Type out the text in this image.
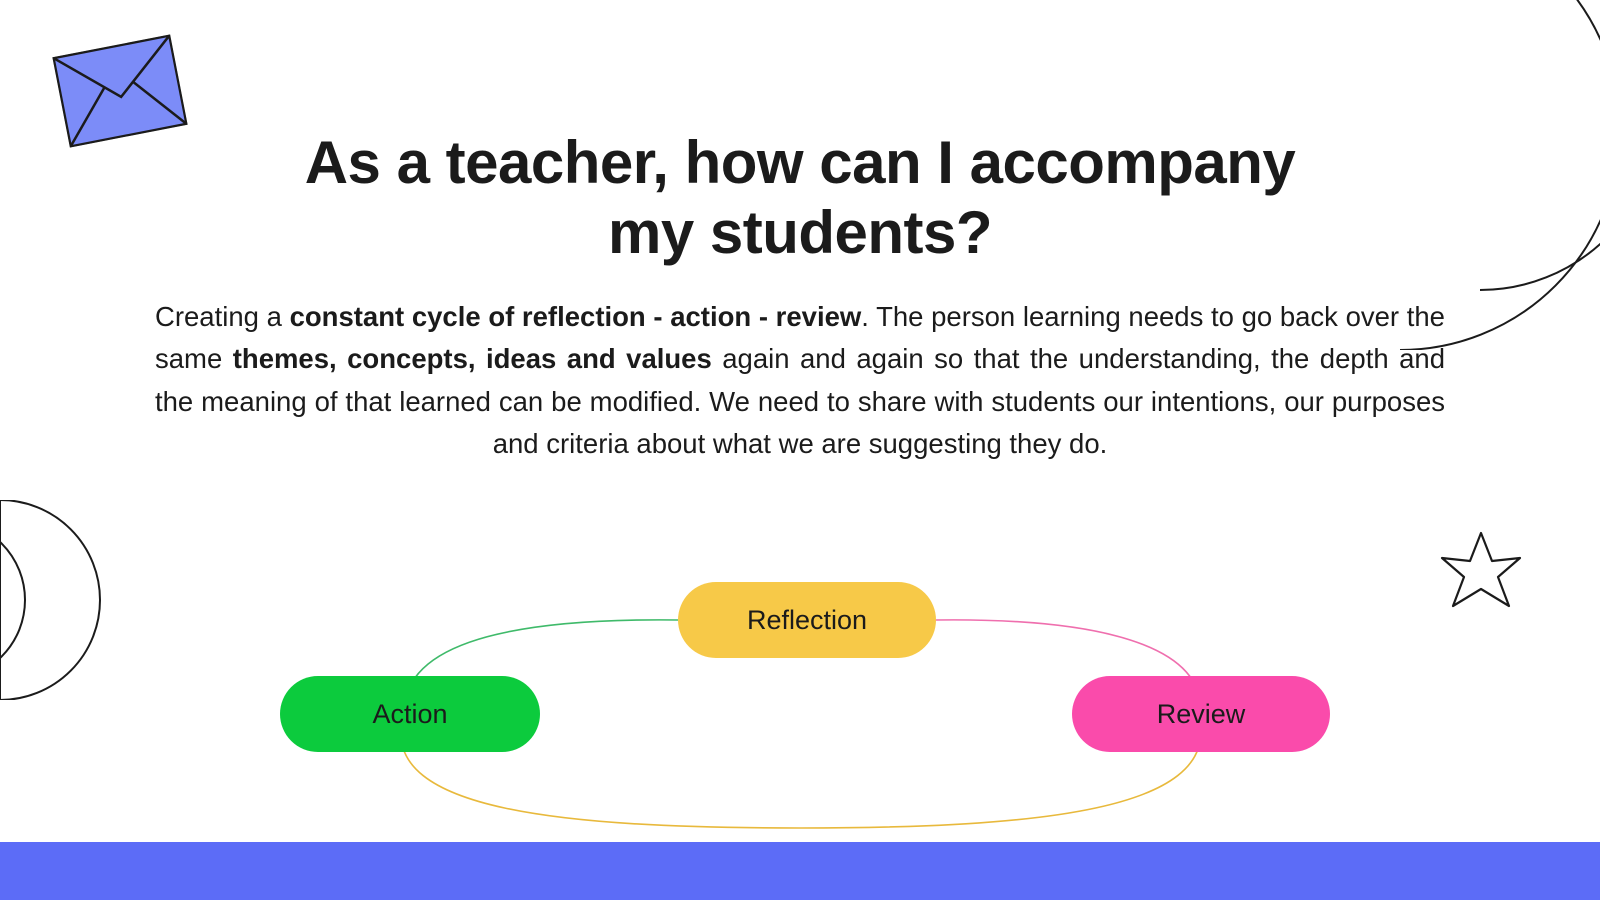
As a teacher, how can I accompany my students?

Creating a constant cycle of reflection - action - review. The person learning needs to go back over the same themes, concepts, ideas and values again and again so that the understanding, the depth and the meaning of that learned can be modified. We need to share with students our intentions, our purposes and criteria about what we are suggesting they do.

Reflection
Action	Review
